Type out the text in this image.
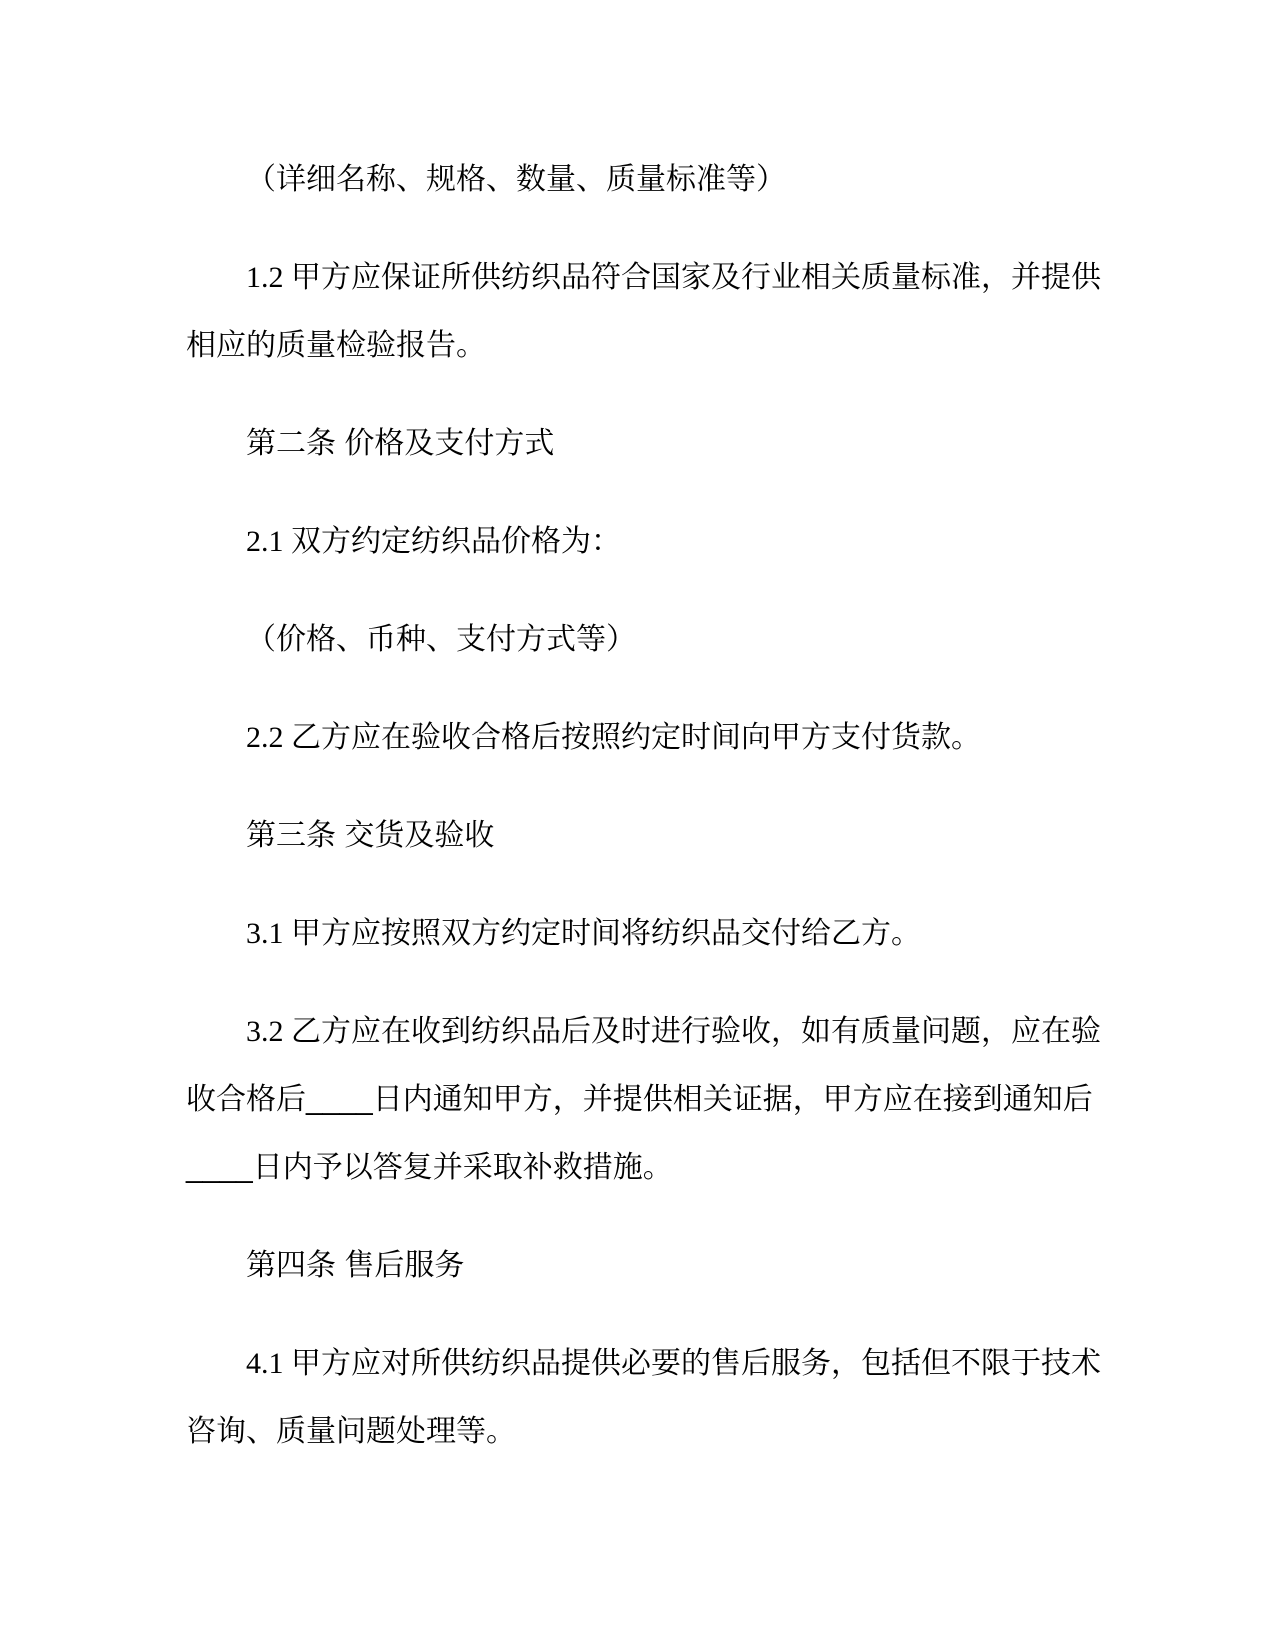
（详细名称、规格、数量、质量标准等）
1.2 甲方应保证所供纺织品符合国家及行业相关质量标准，并提供
相应的质量检验报告。
第二条 价格及支付方式
2.1 双方约定纺织品价格为：
（价格、币种、支付方式等）
2.2 乙方应在验收合格后按照约定时间向甲方支付货款。
第三条 交货及验收
3.1 甲方应按照双方约定时间将纺织品交付给乙方。
3.2 乙方应在收到纺织品后及时进行验收，如有质量问题，应在验
收合格后____日内通知甲方，并提供相关证据，甲方应在接到通知后
____日内予以答复并采取补救措施。
第四条 售后服务
4.1 甲方应对所供纺织品提供必要的售后服务，包括但不限于技术
咨询、质量问题处理等。
